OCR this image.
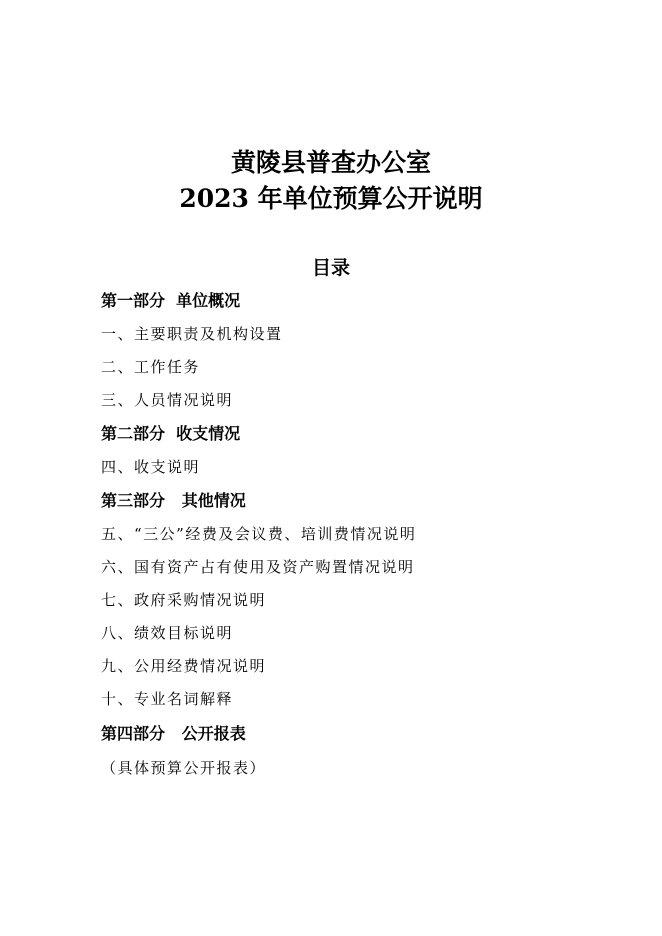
黄陵县普查办公室
2023 年单位预算公开说明
目录
第一部分  单位概况
一、主要职责及机构设置
二、工作任务
三、人员情况说明
第二部分  收支情况
四、收支说明
第三部分   其他情况
五、“三公”经费及会议费、培训费情况说明
六、国有资产占有使用及资产购置情况说明
七、政府采购情况说明
八、绩效目标说明
九、公用经费情况说明
十、专业名词解释
第四部分   公开报表
（具体预算公开报表）
